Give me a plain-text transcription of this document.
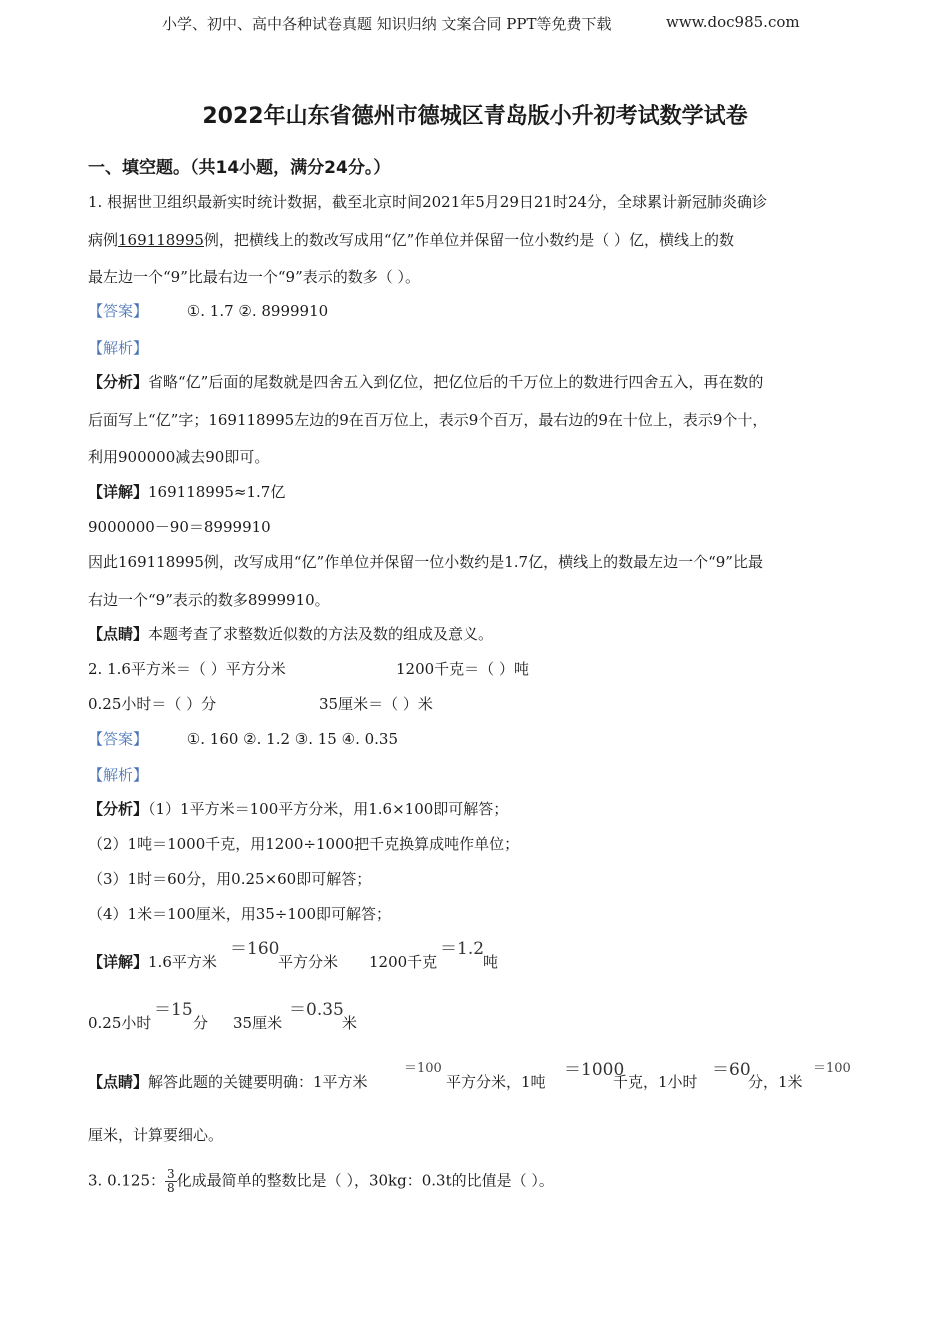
小学、初中、高中各种试卷真题 知识归纳 文案合同 PPT等免费下载	www.doc985.com
2022年山东省德州市德城区青岛版小升初考试数学试卷
一、填空题。（共14小题，满分24分。）
1. 根据世卫组织最新实时统计数据，截至北京时间2021年5月29日21时24分，全球累计新冠肺炎确诊
病例169118995例，把横线上的数改写成用“亿”作单位并保留一位小数约是（ ）亿，横线上的数
最左边一个“9”比最右边一个“9”表示的数多（ ）。
【答案】	①. 1.7 ②. 8999910
【解析】
【分析】省略“亿”后面的尾数就是四舍五入到亿位，把亿位后的千万位上的数进行四舍五入，再在数的
后面写上“亿”字；169118995左边的9在百万位上，表示9个百万，最右边的9在十位上，表示9个十，
利用900000减去90即可。
【详解】169118995≈1.7亿
9000000－90＝8999910
因此169118995例，改写成用“亿”作单位并保留一位小数约是1.7亿，横线上的数最左边一个“9”比最
右边一个“9”表示的数多8999910。
【点睛】本题考查了求整数近似数的方法及数的组成及意义。
2. 1.6平方米＝（ ）平方分米	1200千克＝（ ）吨
0.25小时＝（ ）分	35厘米＝（ ）米
【答案】	①. 160 ②. 1.2 ③. 15 ④. 0.35
【解析】
【分析】（1）1平方米＝100平方分米，用1.6×100即可解答；
（2）1吨＝1000千克，用1200÷1000把千克换算成吨作单位；
（3）1时＝60分，用0.25×60即可解答；
（4）1米＝100厘米，用35÷100即可解答；
【详解】1.6平方米
＝160
平方分米 1200千克
＝1.2
吨
0.25小时
＝15
分 35厘米
＝0.35
米
【点睛】解答此题的关键要明确：1平方米
＝100
平方分米，1吨
＝1000
千克，1小时
＝60
分，1米
＝100
厘米，计算要细心。
3. 0.125： $\frac{3}{8}$ 化成最简单的整数比是（ ），30kg：0.3t的比值是（ ）。
